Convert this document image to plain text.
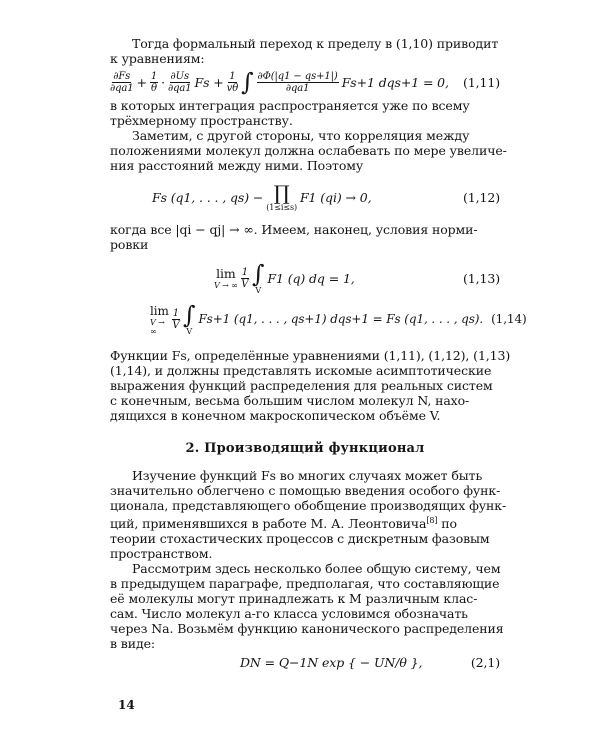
Тогда формальный переход к пределу в (1,10) приводит
к уравнениям:

$\frac{\partial Fs}{\partial qa1} + \frac{1}{\theta} \cdot \frac{\partial Us}{\partial qa1}$ $Fs + \frac{1}{v\theta}$ ∫ $\frac{\partial\Phi(|q1 - qs+1|)}{\partial qa1} Fs+1$ dqs+1 = 0,	(1,11)

в которых интеграция распространяется уже по всему
трёхмерному пространству.

Заметим, с другой стороны, что корреляция между
положениями молекул должна ослабевать по мере увеличе-
ния расстояний между ними. Поэтому

Fs (q1, . . . , qs) − ∏
(1≤i≤s)
F1 (qi) → 0,	(1,12)

когда все |qi − qj| → ∞. Имеем, наконец, условия норми-
ровки

lim
V → ∞ $\frac{1}{V}$ ∫
V
F1 (q) dq = 1,	(1,13)
lim
V → ∞	$\frac{1}{V}$ ∫
V
Fs+1 (q1, . . . , qs+1) dqs+1 = Fs (q1, . . . , qs). (1,14)

Функции Fs, определённые уравнениями (1,11), (1,12), (1,13)
(1,14), и должны представлять искомые асимптотические
выражения функций распределения для реальных систем
с конечным, весьма большим числом молекул N, нахо-
дящихся в конечном макроскопическом объёме V.

2. Производящий функционал

Изучение функций Fs во многих случаях может быть
значительно облегчено с помощью введения особого функ-
ционала, представляющего обобщение производящих функ-
ций, применявшихся в работе М. А. Леонтовича[8] по
теории стохастических процессов с дискретным фазовым
пространством.

Рассмотрим здесь несколько более общую систему, чем
в предыдущем параграфе, предполагая, что составляющие
её молекулы могут принадлежать к M различным клас-
сам. Число молекул a-го класса условимся обозначать
через Na. Возьмём функцию канонического распределения
в виде:

DN = Q−1N exp { − UN/θ },	(2,1)
14
